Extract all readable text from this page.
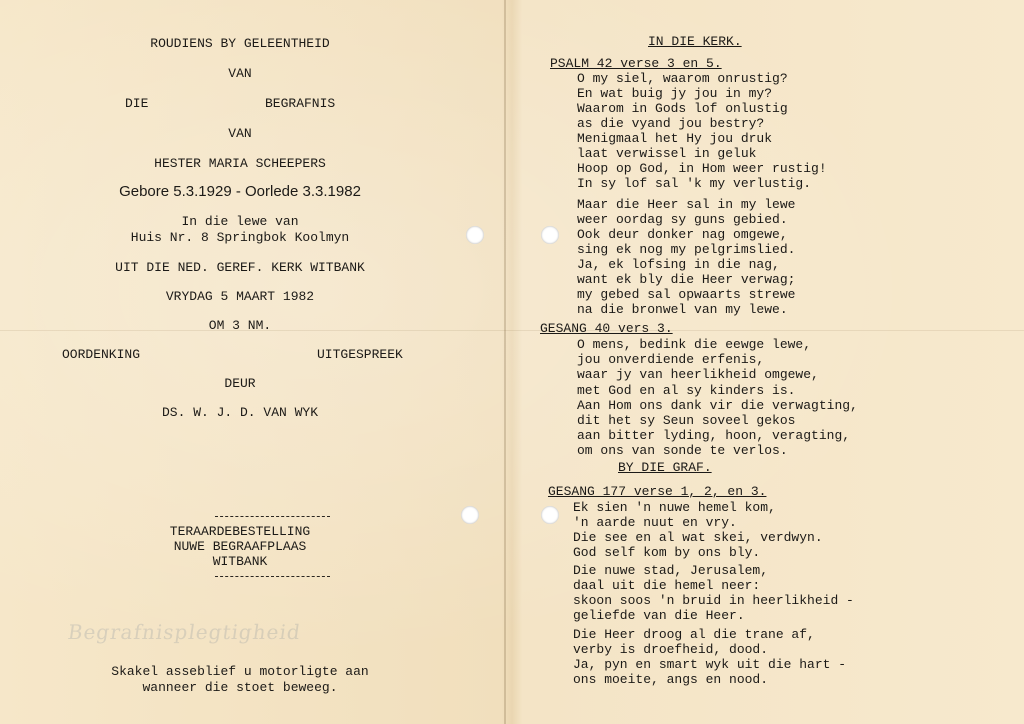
Begrafnisplegtigheid
ROUDIENS BY GELEENTHEID
VAN
DIE	BEGRAFNIS
VAN
HESTER MARIA SCHEEPERS
Gebore 5.3.1929 - Oorlede 3.3.1982
In die lewe van
Huis Nr. 8 Springbok Koolmyn
UIT DIE NED. GEREF. KERK WITBANK
VRYDAG 5 MAART 1982
OM 3 NM.
OORDENKING	UITGESPREEK
DEUR
DS. W. J. D. VAN WYK
TERAARDEBESTELLING
NUWE BEGRAAFPLAAS
WITBANK
Skakel asseblief u motorligte aan
wanneer die stoet beweeg.
IN DIE KERK.
PSALM 42 verse 3 en 5.
O my siel, waarom onrustig?
En wat buig jy jou in my?
Waarom in Gods lof onlustig
as die vyand jou bestry?
Menigmaal het Hy jou druk
laat verwissel in geluk
Hoop op God, in Hom weer rustig!
In sy lof sal 'k my verlustig.
Maar die Heer sal in my lewe
weer oordag sy guns gebied.
Ook deur donker nag omgewe,
sing ek nog my pelgrimslied.
Ja, ek lofsing in die nag,
want ek bly die Heer verwag;
my gebed sal opwaarts strewe
na die bronwel van my lewe.
GESANG 40 vers 3.
O mens, bedink die eewge lewe,
jou onverdiende erfenis,
waar jy van heerlikheid omgewe,
met God en al sy kinders is.
Aan Hom ons dank vir die verwagting,
dit het sy Seun soveel gekos
aan bitter lyding, hoon, veragting,
om ons van sonde te verlos.
BY DIE GRAF.
GESANG 177 verse 1, 2, en 3.
Ek sien 'n nuwe hemel kom,
'n aarde nuut en vry.
Die see en al wat skei, verdwyn.
God self kom by ons bly.
Die nuwe stad, Jerusalem,
daal uit die hemel neer:
skoon soos 'n bruid in heerlikheid -
geliefde van die Heer.
Die Heer droog al die trane af,
verby is droefheid, dood.
Ja, pyn en smart wyk uit die hart -
ons moeite, angs en nood.
